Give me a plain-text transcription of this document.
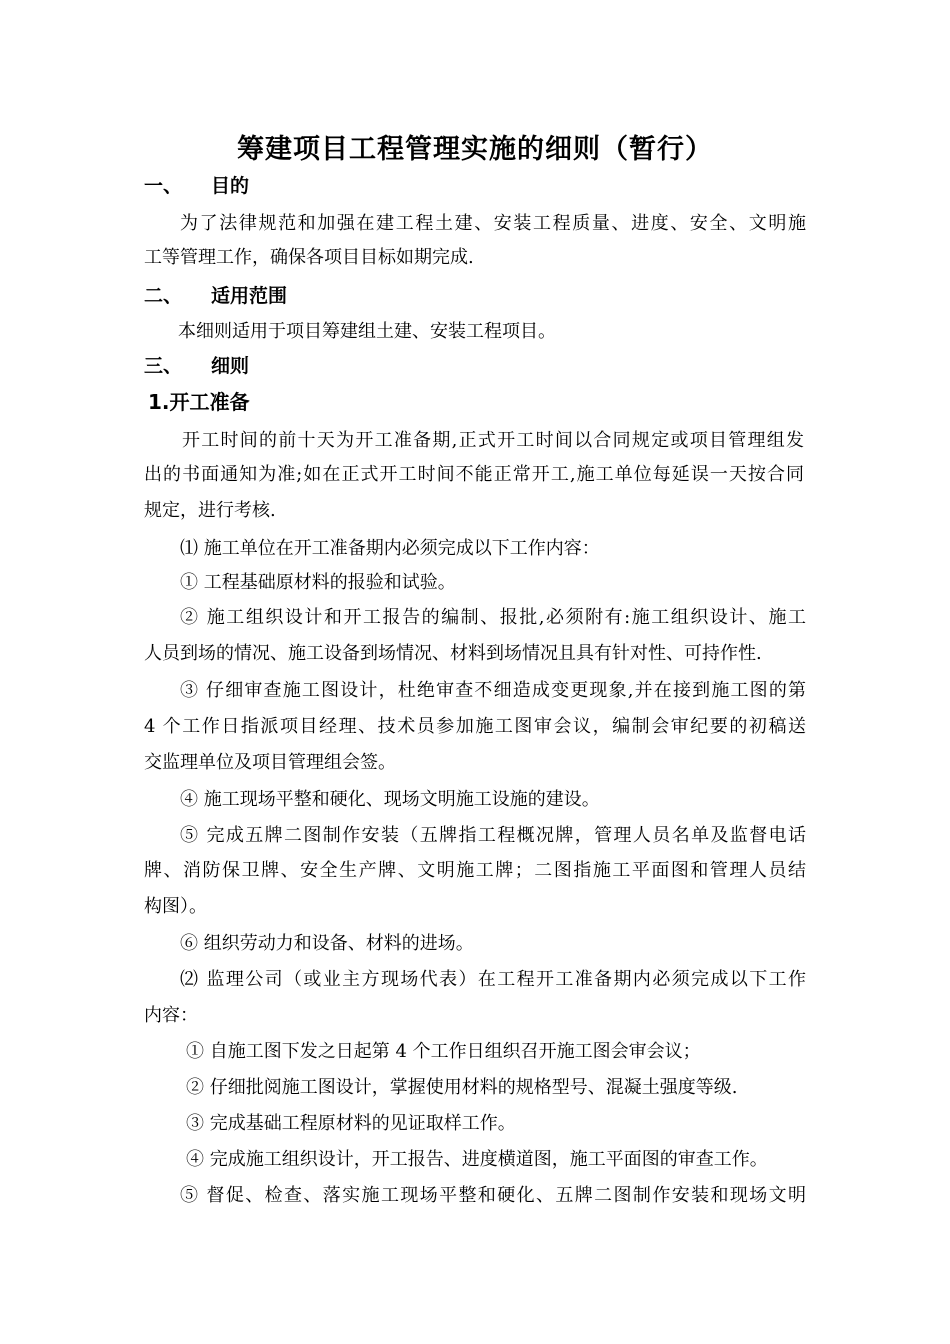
筹建项目工程管理实施的细则（暂行）
一、 目的
为了法律规范和加强在建工程土建、安装工程质量、进度、安全、文明施
工等管理工作，确保各项目目标如期完成.
二、 适用范围
本细则适用于项目筹建组土建、安装工程项目。
三、 细则
1.开工准备
开工时间的前十天为开工准备期,正式开工时间以合同规定或项目管理组发
出的书面通知为准;如在正式开工时间不能正常开工,施工单位每延误一天按合同
规定，进行考核.
⑴ 施工单位在开工准备期内必须完成以下工作内容：
① 工程基础原材料的报验和试验。
② 施工组织设计和开工报告的编制、报批,必须附有:施工组织设计、施工
人员到场的情况、施工设备到场情况、材料到场情况且具有针对性、可持作性.
③ 仔细审查施工图设计，杜绝审查不细造成变更现象,并在接到施工图的第
4 个工作日指派项目经理、技术员参加施工图审会议，编制会审纪要的初稿送
交监理单位及项目管理组会签。
④ 施工现场平整和硬化、现场文明施工设施的建设。
⑤ 完成五牌二图制作安装（五牌指工程概况牌，管理人员名单及监督电话
牌、消防保卫牌、安全生产牌、文明施工牌；二图指施工平面图和管理人员结
构图）。
⑥ 组织劳动力和设备、材料的进场。
⑵ 监理公司（或业主方现场代表）在工程开工准备期内必须完成以下工作
内容：
① 自施工图下发之日起第 4 个工作日组织召开施工图会审会议；
② 仔细批阅施工图设计，掌握使用材料的规格型号、混凝土强度等级.
③ 完成基础工程原材料的见证取样工作。
④ 完成施工组织设计，开工报告、进度横道图，施工平面图的审查工作。
⑤ 督促、检查、落实施工现场平整和硬化、五牌二图制作安装和现场文明
